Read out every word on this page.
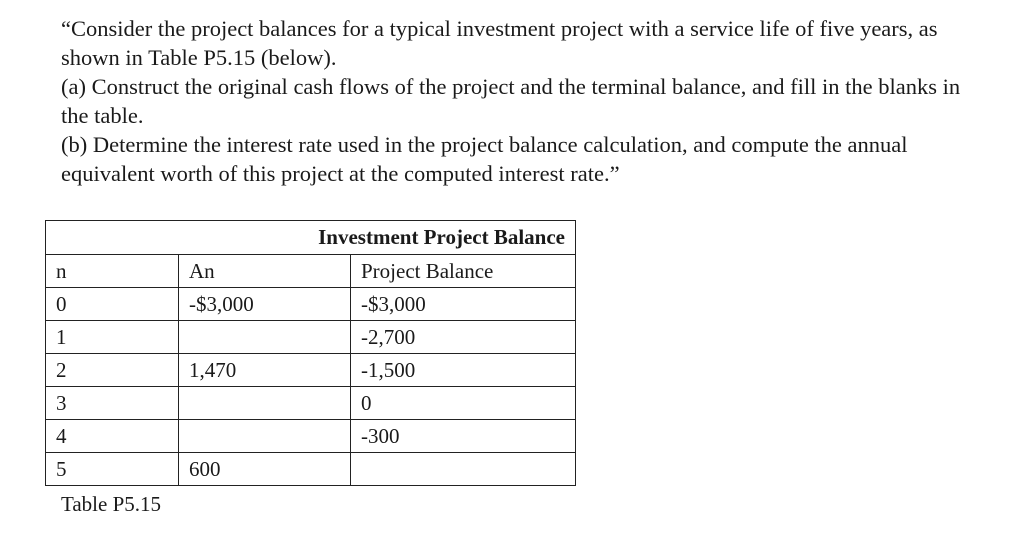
“Consider the project balances for a typical investment project with a service life of five years, as shown in Table P5.15 (below).

(a) Construct the original cash flows of the project and the terminal balance, and fill in the blanks in the table.

(b) Determine the interest rate used in the project balance calculation, and compute the annual equivalent worth of this project at the computed interest rate.”

	Investment Project Balance	
n	An	Project Balance
0	-$3,000	-$3,000
1		-2,700
2	1,470	-1,500
3		0
4		-300
5	600	
Table P5.15
